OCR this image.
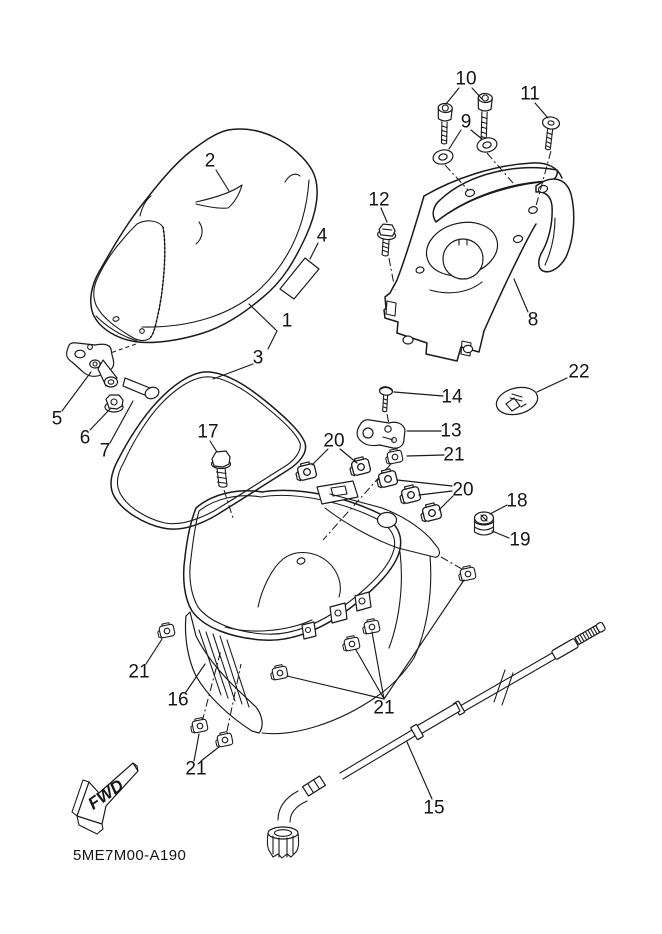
FWD
5ME7M00-A190
2
4
1
3
5
6
7
17
10
11
9
12
8
22
14
13
21
20
20
18
19
21
16
21
21
15
